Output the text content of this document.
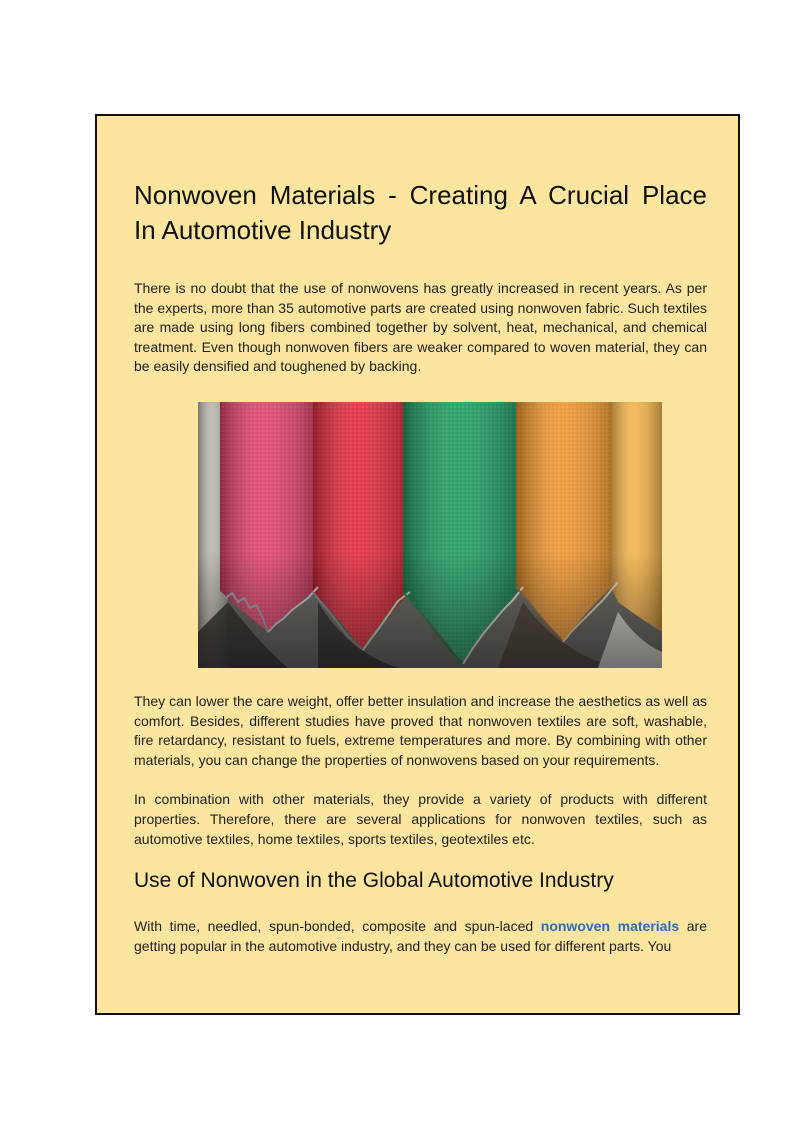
Nonwoven Materials - Creating A Crucial Place
In Automotive Industry

There is no doubt that the use of nonwovens has greatly increased in recent years. As per the experts, more than 35 automotive parts are created using nonwoven fabric. Such textiles are made using long fibers combined together by solvent, heat, mechanical, and chemical treatment. Even though nonwoven fibers are weaker compared to woven material, they can be easily densified and toughened by backing.

They can lower the care weight, offer better insulation and increase the aesthetics as well as comfort. Besides, different studies have proved that nonwoven textiles are soft, washable, fire retardancy, resistant to fuels, extreme temperatures and more. By combining with other materials, you can change the properties of nonwovens based on your requirements.

In combination with other materials, they provide a variety of products with different properties. Therefore, there are several applications for nonwoven textiles, such as automotive textiles, home textiles, sports textiles, geotextiles etc.

Use of Nonwoven in the Global Automotive Industry

With time, needled, spun-bonded, composite and spun-laced nonwoven materials are getting popular in the automotive industry, and they can be used for different parts. You
